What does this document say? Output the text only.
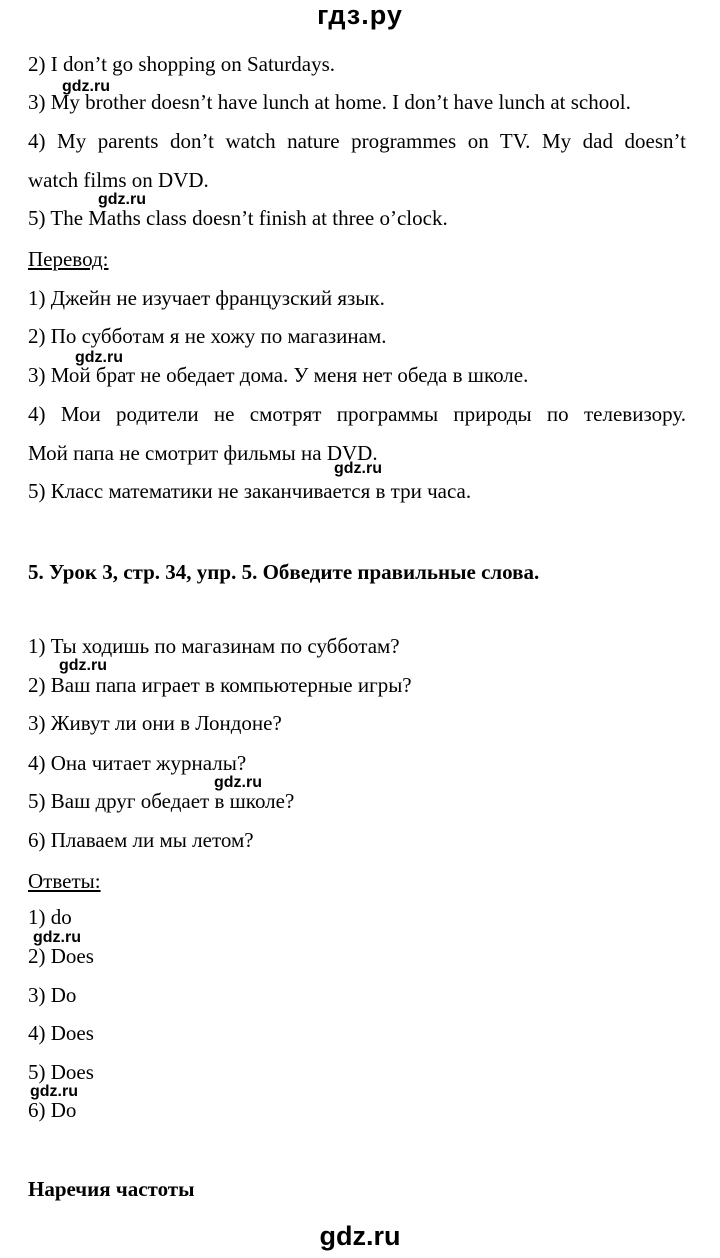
гдз.ру
2) I don’t go shopping on Saturdays.
3) My brother doesn’t have lunch at home. I don’t have lunch at school.
4) My parents don’t watch nature programmes on TV. My dad doesn’t
watch films on DVD.
5) The Maths class doesn’t finish at three o’clock.
Перевод:
1) Джейн не изучает французский язык.
2) По субботам я не хожу по магазинам.
3) Мой брат не обедает дома. У меня нет обеда в школе.
4) Мои родители не смотрят программы природы по телевизору.
Мой папа не смотрит фильмы на DVD.
5) Класс математики не заканчивается в три часа.
5. Урок 3, стр. 34, упр. 5. Обведите правильные слова.
1) Ты ходишь по магазинам по субботам?
2) Ваш папа играет в компьютерные игры?
3) Живут ли они в Лондоне?
4) Она читает журналы?
5) Ваш друг обедает в школе?
6) Плаваем ли мы летом?
Ответы:
1) do
2) Does
3) Do
4) Does
5) Does
6) Do
Наречия частоты
gdz.ru
gdz.ru
gdz.ru
gdz.ru
gdz.ru
gdz.ru
gdz.ru
gdz.ru
gdz.ru
